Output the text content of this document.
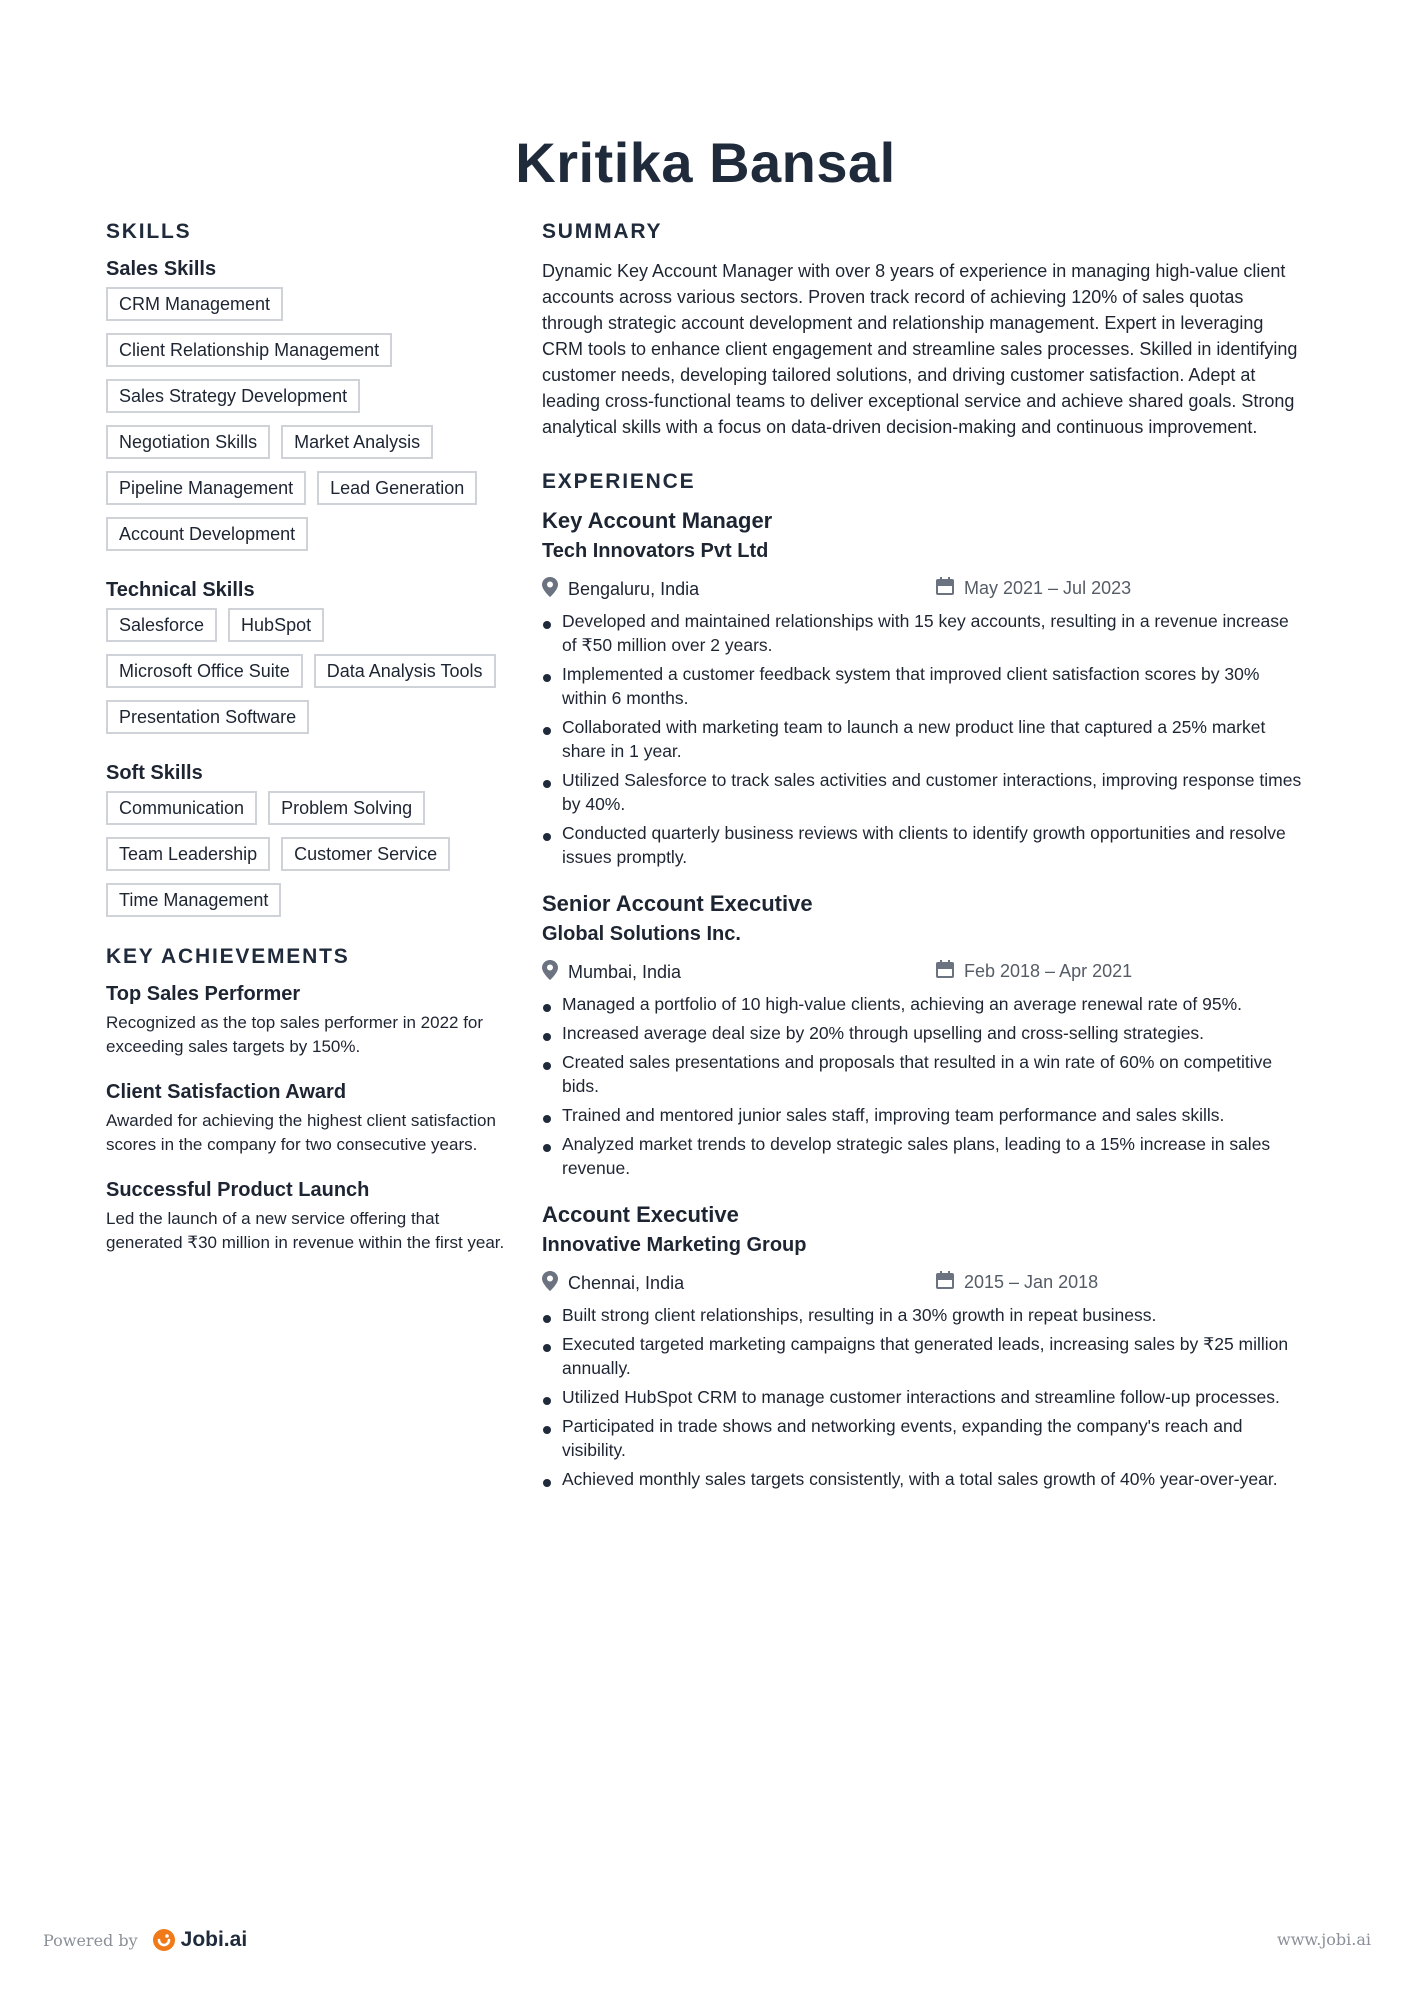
Kritika Bansal
SKILLS
Sales Skills
CRM Management
Client Relationship Management
Sales Strategy Development
Negotiation Skills	Market Analysis
Pipeline Management	Lead Generation
Account Development
Technical Skills
Salesforce	HubSpot
Microsoft Office Suite	Data Analysis Tools
Presentation Software
Soft Skills
Communication	Problem Solving
Team Leadership	Customer Service
Time Management
KEY ACHIEVEMENTS
Top Sales Performer

Recognized as the top sales performer in 2022 for exceeding sales targets by 150%.

Client Satisfaction Award

Awarded for achieving the highest client satisfaction scores in the company for two consecutive years.

Successful Product Launch

Led the launch of a new service offering that generated ₹30 million in revenue within the first year.

SUMMARY

Dynamic Key Account Manager with over 8 years of experience in managing high-value client accounts across various sectors. Proven track record of achieving 120% of sales quotas through strategic account development and relationship management. Expert in leveraging CRM tools to enhance client engagement and streamline sales processes. Skilled in identifying customer needs, developing tailored solutions, and driving customer satisfaction. Adept at leading cross-functional teams to deliver exceptional service and achieve shared goals. Strong analytical skills with a focus on data-driven decision-making and continuous improvement.

EXPERIENCE
Key Account Manager
Tech Innovators Pvt Ltd
Bengaluru, India	May 2021 – Jul 2023
Developed and maintained relationships with 15 key accounts, resulting in a revenue increase of ₹50 million over 2 years.
Implemented a customer feedback system that improved client satisfaction scores by 30% within 6 months.
Collaborated with marketing team to launch a new product line that captured a 25% market share in 1 year.
Utilized Salesforce to track sales activities and customer interactions, improving response times by 40%.
Conducted quarterly business reviews with clients to identify growth opportunities and resolve issues promptly.
Senior Account Executive
Global Solutions Inc.
Mumbai, India	Feb 2018 – Apr 2021
Managed a portfolio of 10 high-value clients, achieving an average renewal rate of 95%.
Increased average deal size by 20% through upselling and cross-selling strategies.
Created sales presentations and proposals that resulted in a win rate of 60% on competitive bids.
Trained and mentored junior sales staff, improving team performance and sales skills.
Analyzed market trends to develop strategic sales plans, leading to a 15% increase in sales revenue.
Account Executive
Innovative Marketing Group
Chennai, India	2015 – Jan 2018
Built strong client relationships, resulting in a 30% growth in repeat business.
Executed targeted marketing campaigns that generated leads, increasing sales by ₹25 million annually.
Utilized HubSpot CRM to manage customer interactions and streamline follow-up processes.
Participated in trade shows and networking events, expanding the company's reach and visibility.
Achieved monthly sales targets consistently, with a total sales growth of 40% year-over-year.
Powered by Jobi.ai	www.jobi.ai
